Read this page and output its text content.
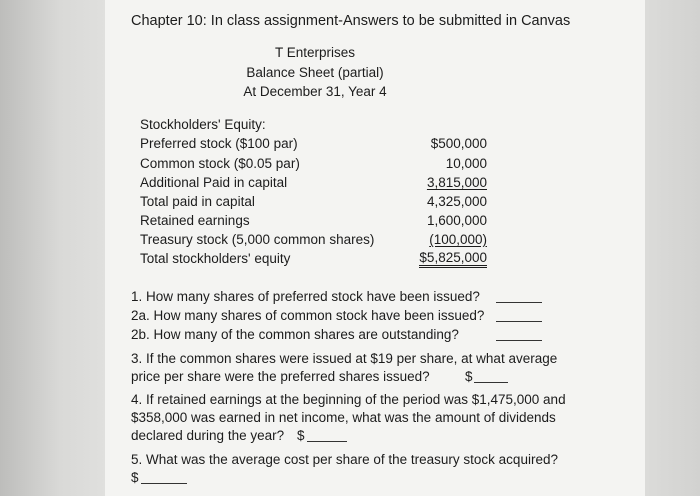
Chapter 10: In class assignment-Answers to be submitted in Canvas
T Enterprises
Balance Sheet (partial)
At December 31, Year 4
Stockholders' Equity:
Preferred stock ($100 par)
Common stock ($0.05 par)
Additional Paid in capital
Total paid in capital
Retained earnings
Treasury stock (5,000 common shares)
Total stockholders' equity
$500,000
10,000
3,815,000
4,325,000
1,600,000
(100,000)
$5,825,000
1. How many shares of preferred stock have been issued?
2a. How many shares of common stock have been issued?
2b. How many of the common shares are outstanding?
3. If the common shares were issued at $19 per share, at what average
price per share were the preferred shares issued?	$
4. If retained earnings at the beginning of the period was $1,475,000 and
$358,000 was earned in net income, what was the amount of dividends
declared during the year? $
5. What was the average cost per share of the treasury stock acquired?
$
